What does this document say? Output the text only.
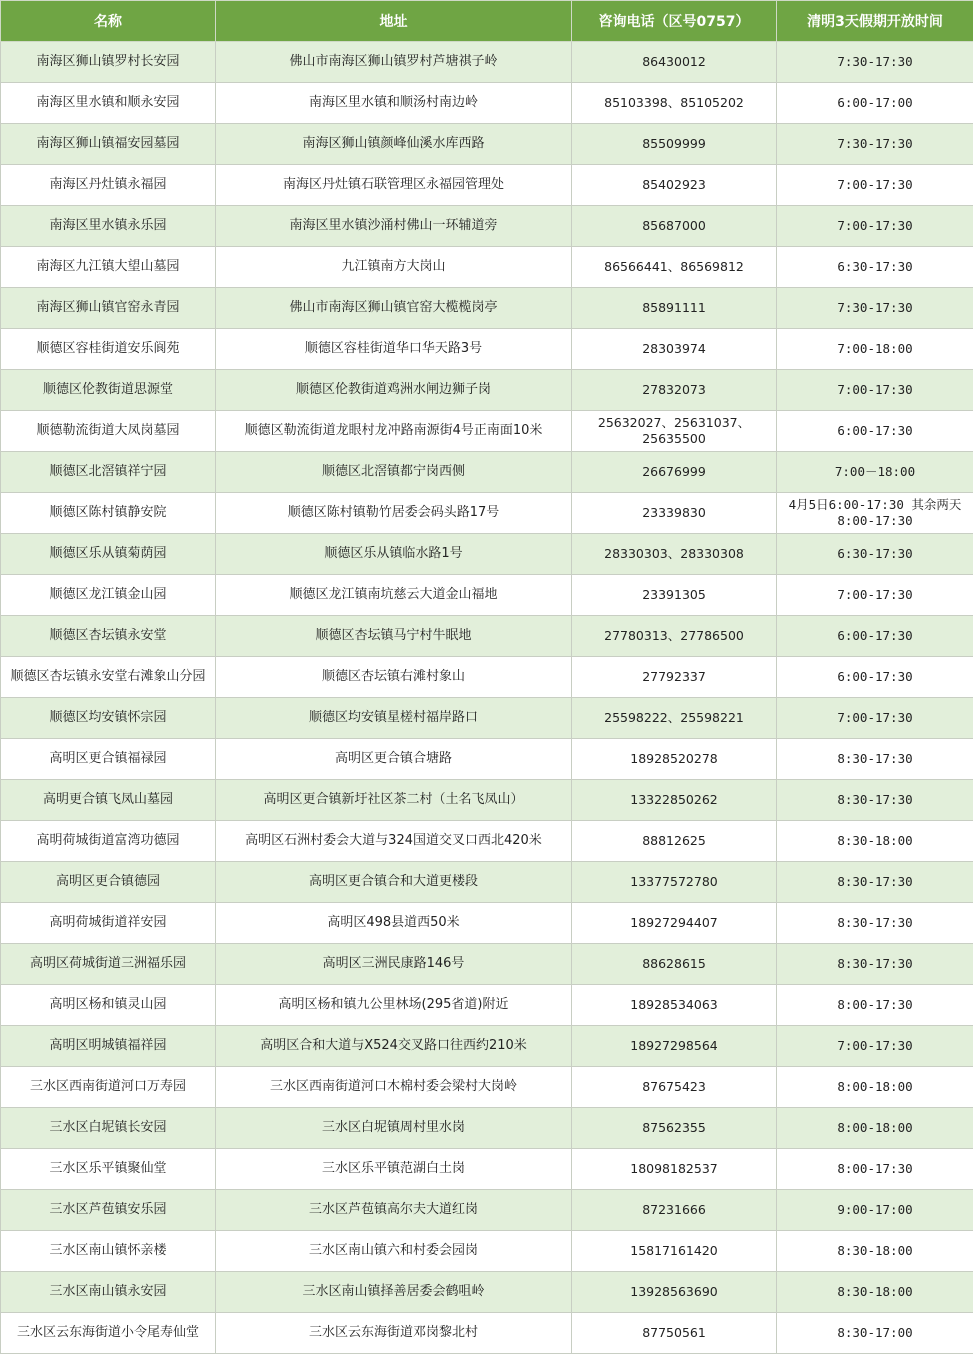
名称	地址	咨询电话（区号0757）	清明3天假期开放时间
南海区狮山镇罗村长安园	佛山市南海区狮山镇罗村芦塘祺子岭	86430012	7:30-17:30
南海区里水镇和顺永安园	南海区里水镇和顺汤村南边岭	85103398、85105202	6:00-17:00
南海区狮山镇福安园墓园	南海区狮山镇颜峰仙溪水库西路	85509999	7:30-17:30
南海区丹灶镇永福园	南海区丹灶镇石联管理区永福园管理处	85402923	7:00-17:30
南海区里水镇永乐园	南海区里水镇沙涌村佛山一环辅道旁	85687000	7:00-17:30
南海区九江镇大望山墓园	九江镇南方大岗山	86566441、86569812	6:30-17:30
南海区狮山镇官窑永青园	佛山市南海区狮山镇官窑大榄榄岗亭	85891111	7:30-17:30
顺德区容桂街道安乐阆苑	顺德区容桂街道华口华天路3号	28303974	7:00-18:00
顺德区伦教街道思源堂	顺德区伦教街道鸡洲水闸边狮子岗	27832073	7:00-17:30
顺德勒流街道大凤岗墓园	顺德区勒流街道龙眼村龙冲路南源街4号正南面10米	25632027、25631037、25635500	6:00-17:30
顺德区北滘镇祥宁园	顺德区北滘镇都宁岗西侧	26676999	7:00－18:00
顺德区陈村镇静安院	顺德区陈村镇勒竹居委会码头路17号	23339830	4月5日6:00-17:30 其余两天8:00-17:30
顺德区乐从镇菊荫园	顺德区乐从镇临水路1号	28330303、28330308	6:30-17:30
顺德区龙江镇金山园	顺德区龙江镇南坑慈云大道金山福地	23391305	7:00-17:30
顺德区杏坛镇永安堂	顺德区杏坛镇马宁村牛眠地	27780313、27786500	6:00-17:30
顺德区杏坛镇永安堂右滩象山分园	顺德区杏坛镇右滩村象山	27792337	6:00-17:30
顺德区均安镇怀宗园	顺德区均安镇星槎村福岸路口	25598222、25598221	7:00-17:30
高明区更合镇福禄园	高明区更合镇合塘路	18928520278	8:30-17:30
高明更合镇飞凤山墓园	高明区更合镇新圩社区茶二村（土名飞凤山）	13322850262	8:30-17:30
高明荷城街道富湾功德园	高明区石洲村委会大道与324国道交叉口西北420米	88812625	8:30-18:00
高明区更合镇德园	高明区更合镇合和大道更楼段	13377572780	8:30-17:30
高明荷城街道祥安园	高明区498县道西50米	18927294407	8:30-17:30
高明区荷城街道三洲福乐园	高明区三洲民康路146号	88628615	8:30-17:30
高明区杨和镇灵山园	高明区杨和镇九公里林场(295省道)附近	18928534063	8:00-17:30
高明区明城镇福祥园	高明区合和大道与X524交叉路口往西约210米	18927298564	7:00-17:30
三水区西南街道河口万寿园	三水区西南街道河口木棉村委会梁村大岗岭	87675423	8:00-18:00
三水区白坭镇长安园	三水区白坭镇周村里水岗	87562355	8:00-18:00
三水区乐平镇聚仙堂	三水区乐平镇范湖白土岗	18098182537	8:00-17:30
三水区芦苞镇安乐园	三水区芦苞镇高尔夫大道红岗	87231666	9:00-17:00
三水区南山镇怀亲楼	三水区南山镇六和村委会园岗	15817161420	8:30-18:00
三水区南山镇永安园	三水区南山镇择善居委会鹤咀岭	13928563690	8:30-18:00
三水区云东海街道小令尾寿仙堂	三水区云东海街道邓岗黎北村	87750561	8:30-17:00
